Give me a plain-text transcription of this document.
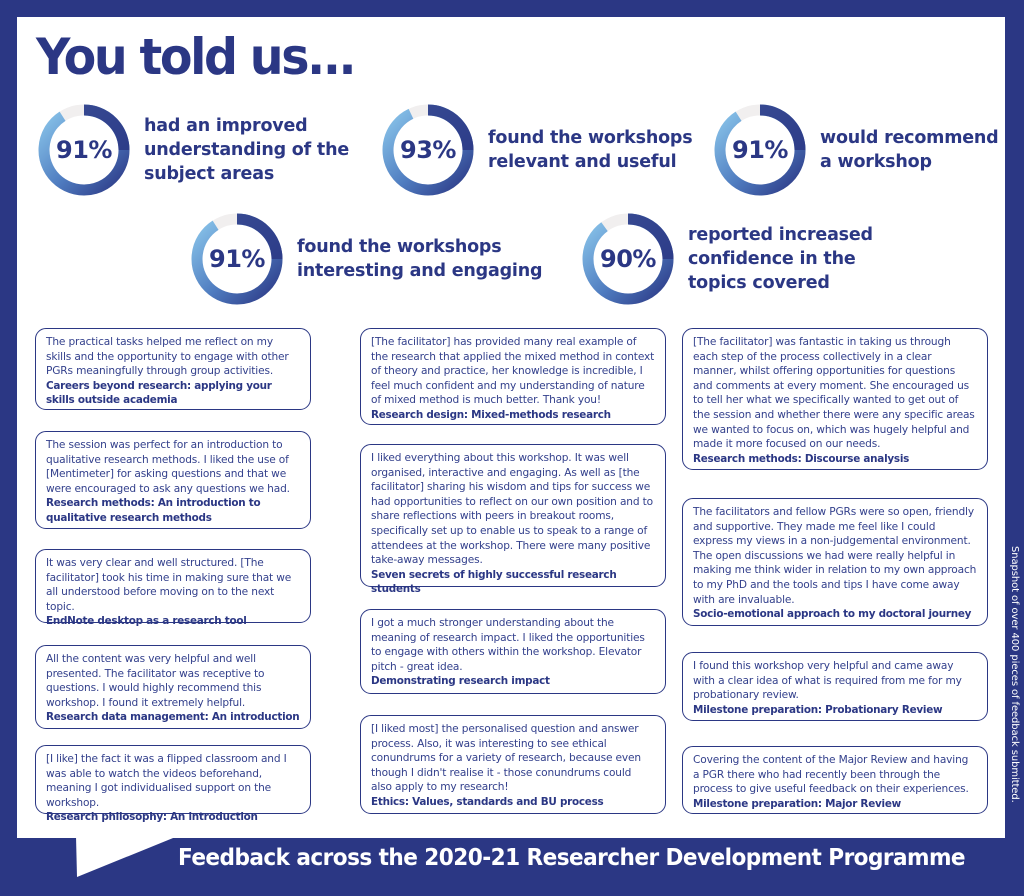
You told us...
91%
had an improved
understanding of the
subject areas
93%	found the workshops
relevant and useful	91%	would recommend
a workshop
91%	found the workshops
interesting and engaging	90%
reported increased
confidence in the
topics covered
The practical tasks helped me reflect on my skills and the opportunity to engage with other PGRs meaningfully through group activities.
Careers beyond research: applying your skills outside academia
The session was perfect for an introduction to qualitative research methods. I liked the use of [Mentimeter] for asking questions and that we were encouraged to ask any questions we had.
Research methods: An introduction to qualitative research methods
It was very clear and well structured. [The facilitator] took his time in making sure that we all understood before moving on to the next topic.
EndNote desktop as a research tool
All the content was very helpful and well presented. The facilitator was receptive to questions. I would highly recommend this workshop. I found it extremely helpful.
Research data management: An introduction
[I like] the fact it was a flipped classroom and I was able to watch the videos beforehand, meaning I got individualised support on the workshop.
Research philosophy: An introduction
[The facilitator] has provided many real example of the research that applied the mixed method in context of theory and practice, her knowledge is incredible, I feel much confident and my understanding of nature of mixed method is much better. Thank you!
Research design: Mixed-methods research
I liked everything about this workshop. It was well organised, interactive and engaging. As well as [the facilitator] sharing his wisdom and tips for success we had opportunities to reflect on our own position and to share reflections with peers in breakout rooms, specifically set up to enable us to speak to a range of attendees at the workshop. There were many positive take-away messages.
Seven secrets of highly successful research students
I got a much stronger understanding about the meaning of research impact. I liked the opportunities to engage with others within the workshop. Elevator pitch - great idea.
Demonstrating research impact
[I liked most] the personalised question and answer process. Also, it was interesting to see ethical conundrums for a variety of research, because even though I didn't realise it - those conundrums could also apply to my research!
Ethics: Values, standards and BU process
[The facilitator] was fantastic in taking us through each step of the process collectively in a clear manner, whilst offering opportunities for questions and comments at every moment. She encouraged us to tell her what we specifically wanted to get out of the session and whether there were any specific areas we wanted to focus on, which was hugely helpful and made it more focused on our needs.
Research methods: Discourse analysis
The facilitators and fellow PGRs were so open, friendly and supportive. They made me feel like I could express my views in a non-judgemental environment. The open discussions we had were really helpful in making me think wider in relation to my own approach to my PhD and the tools and tips I have come away with are invaluable.
Socio-emotional approach to my doctoral journey
I found this workshop very helpful and came away with a clear idea of what is required from me for my probationary review.
Milestone preparation: Probationary Review
Covering the content of the Major Review and having a PGR there who had recently been through the process to give useful feedback on their experiences.
Milestone preparation: Major Review
Snapshot of over 400 pieces of feedback submitted.
Feedback across the 2020-21 Researcher Development Programme
